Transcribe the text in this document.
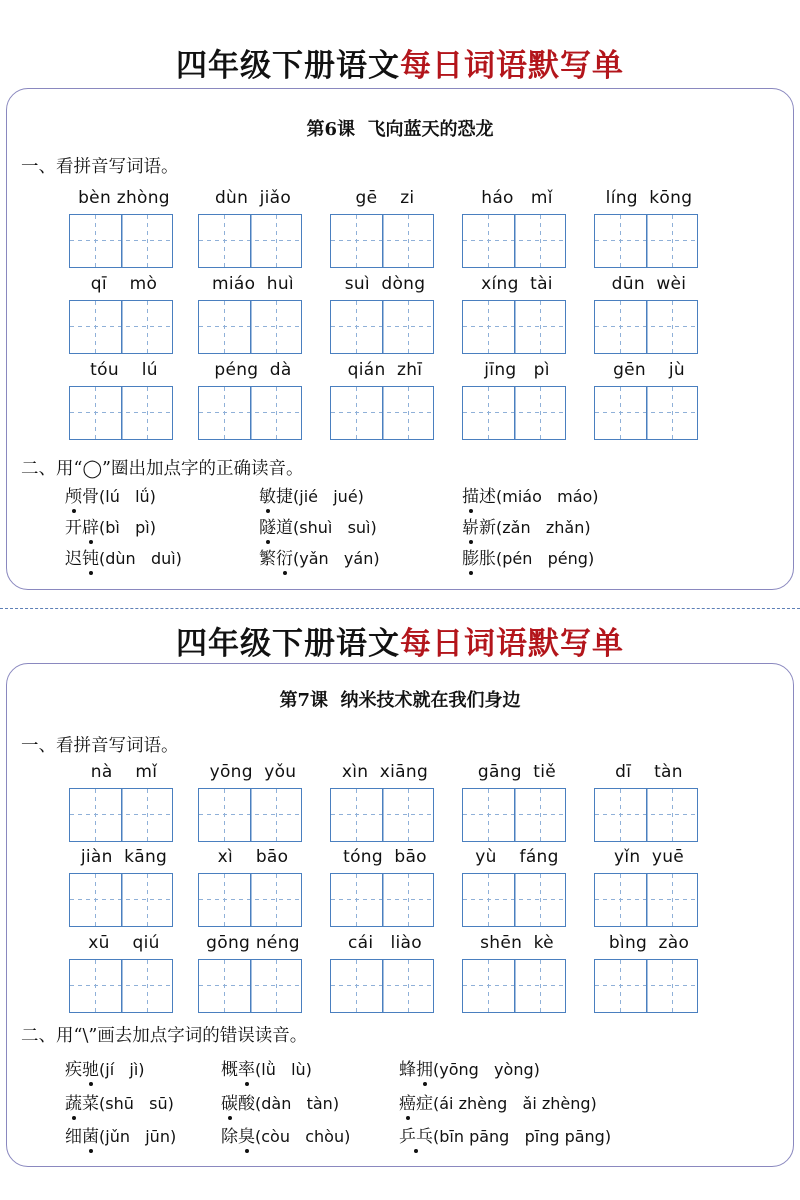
四年级下册语文每日词语默写单
第6课  飞向蓝天的恐龙
一、看拼音写词语。
bèn zhòng	dùn  jiǎo	gē    zi	háo   mǐ	líng  kōng
qī    mò	miáo  huì	suì  dòng	xíng  tài	dūn  wèi
tóu    lú	péng  dà	qián  zhī	jīng   pì	gēn    jù
二、用“◯”圈出加点字的正确读音。
颅骨(lú   lǘ)	敏捷(jié   jué)	描述(miáo   máo)
开辟(bì   pì)	隧道(shuì   suì)	崭新(zǎn   zhǎn)
迟钝(dùn   duì)	繁衍(yǎn   yán)	膨胀(pén   péng)
四年级下册语文每日词语默写单
第7课  纳米技术就在我们身边
一、看拼音写词语。
nà    mǐ	yōng  yǒu	xìn  xiāng	gāng  tiě	dī    tàn
jiàn  kāng	xì    bāo	tóng  bāo	yù    fáng	yǐn  yuē
xū    qiú	gōng néng	cái   liào	shēn  kè	bìng  zào
二、用“\”画去加点字词的错误读音。
疾驰(jí   jì)	概率(lǜ   lù)	蜂拥(yōng   yòng)
蔬菜(shū   sū)	碳酸(dàn   tàn)	癌症(ái zhèng   ǎi zhèng)
细菌(jǔn   jūn)	除臭(còu   chòu)	乒乓(bīn pāng   pīng pāng)
